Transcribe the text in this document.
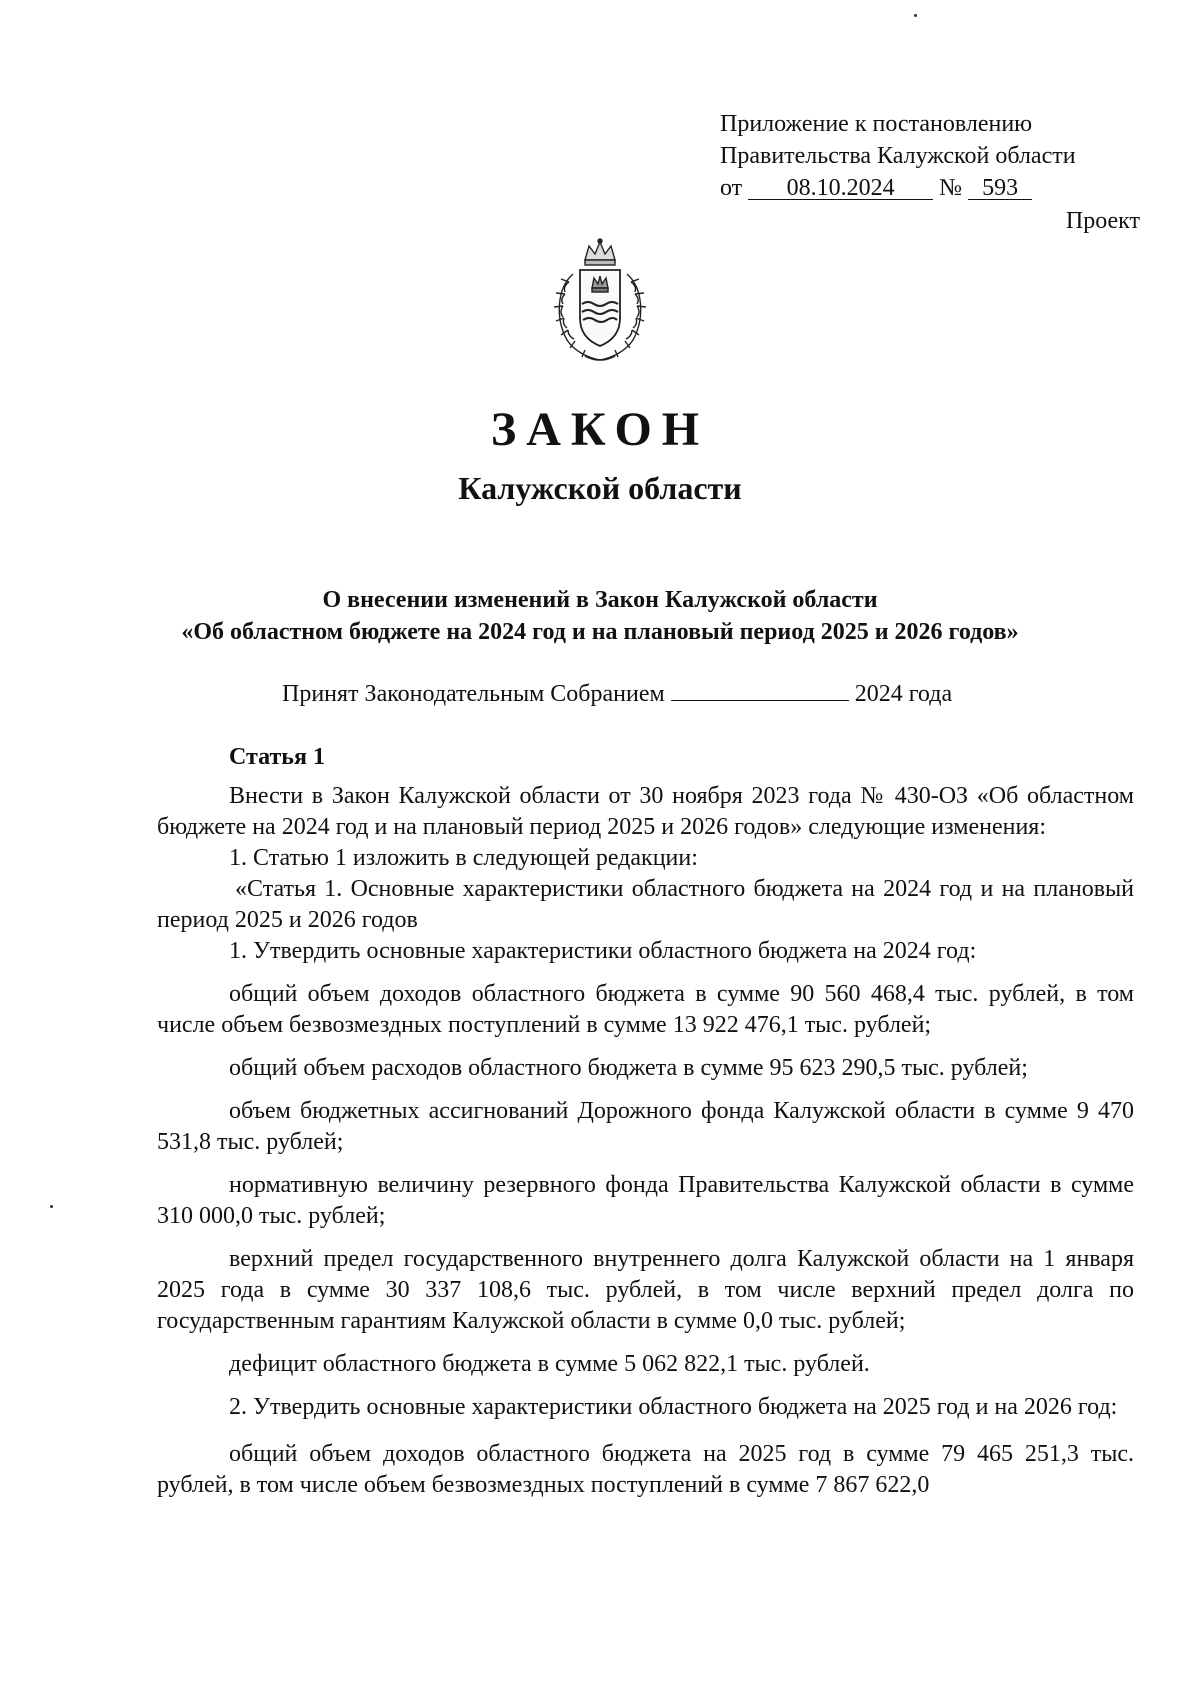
Приложение к постановлению
Правительства Калужской области
от 08.10.2024 № 593
Проект
ЗАКОН
Калужской области
О внесении изменений в Закон Калужской области
«Об областном бюджете на 2024 год и на плановый период 2025 и 2026 годов»
Принят Законодательным Собранием	2024 года

Статья 1

Внести в Закон Калужской области от 30 ноября 2023 года № 430-ОЗ «Об областном бюджете на 2024 год и на плановый период 2025 и 2026 годов» следующие изменения:

1. Статью 1 изложить в следующей редакции:

«Статья 1. Основные характеристики областного бюджета на 2024 год и на плановый период 2025 и 2026 годов

1. Утвердить основные характеристики областного бюджета на 2024 год:

общий объем доходов областного бюджета в сумме 90 560 468,4 тыс. рублей, в том числе объем безвозмездных поступлений в сумме 13 922 476,1 тыс. рублей;

общий объем расходов областного бюджета в сумме 95 623 290,5 тыс. рублей;

объем бюджетных ассигнований Дорожного фонда Калужской области в сумме 9 470 531,8 тыс. рублей;

нормативную величину резервного фонда Правительства Калужской области в сумме 310 000,0 тыс. рублей;

верхний предел государственного внутреннего долга Калужской области на 1 января 2025 года в сумме 30 337 108,6 тыс. рублей, в том числе верхний предел долга по государственным гарантиям Калужской области в сумме 0,0 тыс. рублей;

дефицит областного бюджета в сумме 5 062 822,1 тыс. рублей.

2. Утвердить основные характеристики областного бюджета на 2025 год и на 2026 год:

общий объем доходов областного бюджета на 2025 год в сумме 79 465 251,3 тыс. рублей, в том числе объем безвозмездных поступлений в сумме 7 867 622,0
